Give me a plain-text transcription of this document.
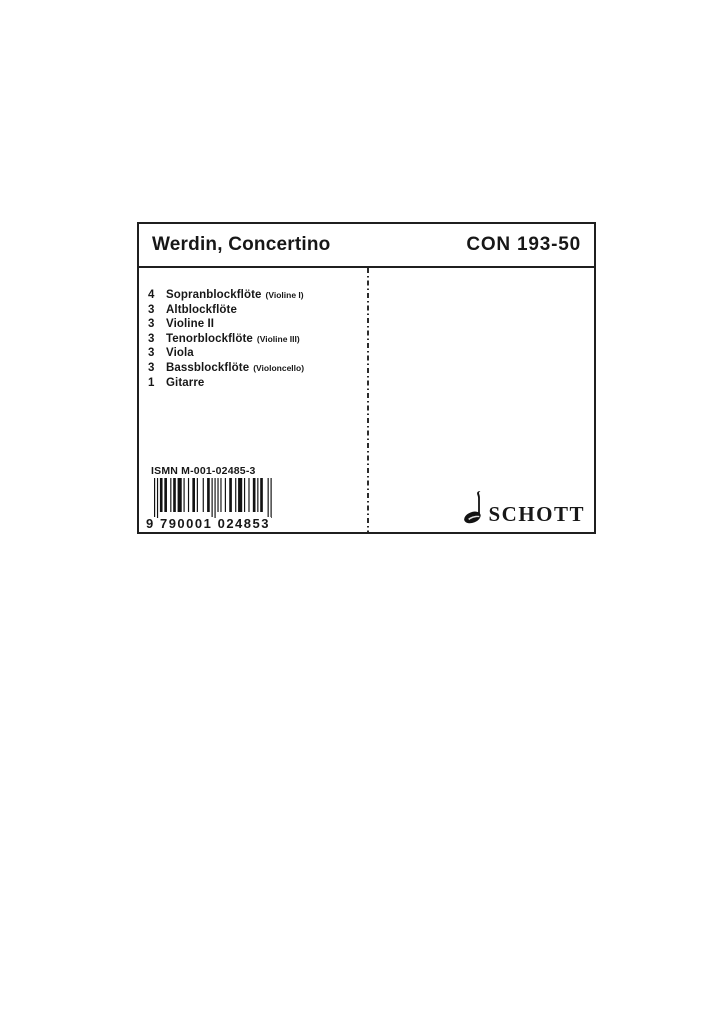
Werdin, Concertino	CON 193-50
4	Sopranblockflöte (Violine I)
3	Altblockflöte
3	Violine II
3	Tenorblockflöte (Violine III)
3	Viola
3	Bassblockflöte (Violoncello)
1	Gitarre
ISMN M-001-02485-3
9 790001 024853	SCHOTT
